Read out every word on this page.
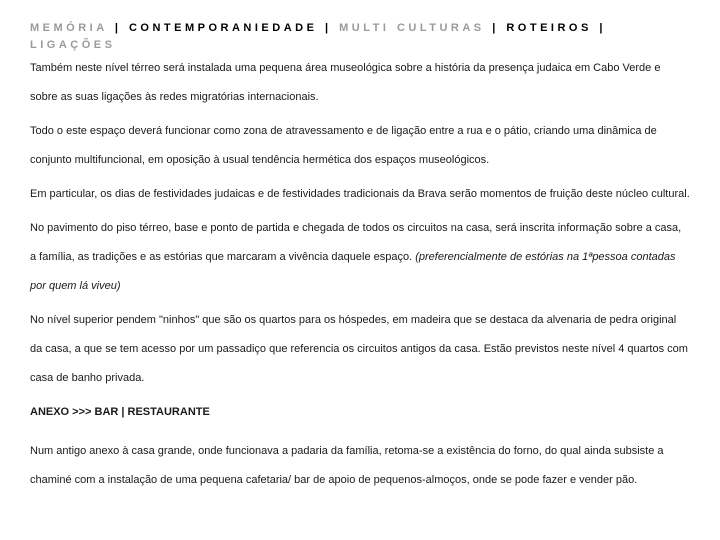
MEMÓRIA | CONTEMPORANIEDADE | MULTI CULTURAS | ROTEIROS | LIGAÇÕES

Também neste nível térreo será instalada uma pequena área museológica sobre a história da presença judaica em Cabo Verde e sobre as suas ligações às redes migratórias internacionais.

Todo o este espaço deverá funcionar como zona de atravessamento e de ligação entre a rua e o pátio, criando uma dinâmica de conjunto multifuncional, em oposição à usual tendência hermética dos espaços museológicos.

Em particular, os dias de festividades judaicas e de festividades tradicionais da Brava serão momentos de fruição deste núcleo cultural.

No pavimento do piso térreo, base e ponto de partida e chegada de todos os circuitos na casa, será inscrita informação sobre a casa, a família, as tradições e as estórias que marcaram a vivência daquele espaço. (preferencialmente de estórias na 1ªpessoa contadas por quem lá viveu)

No nível superior pendem "ninhos" que são os quartos para os hóspedes, em madeira que se destaca da alvenaria de pedra original da casa, a que se tem acesso por um passadiço que referencia os circuitos antigos da casa. Estão previstos neste nível 4 quartos com casa de banho privada.

ANEXO >>> BAR | RESTAURANTE

Num antigo anexo à casa grande, onde funcionava a padaria da família, retoma-se a existência do forno, do qual ainda subsiste a chaminé com a instalação de uma pequena cafetaria/ bar de apoio de pequenos-almoços, onde se pode fazer e vender pão.
